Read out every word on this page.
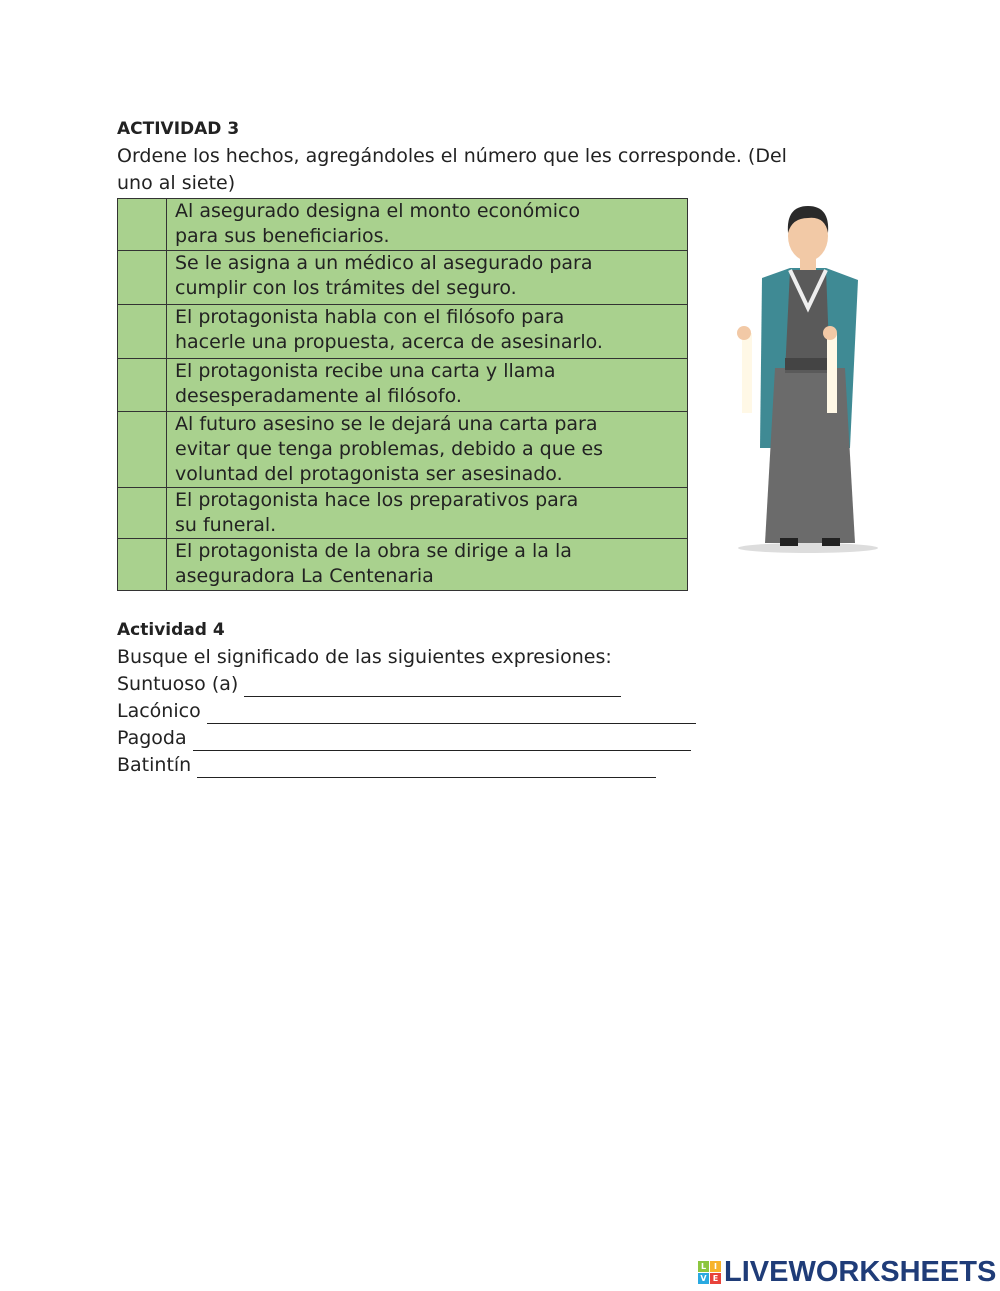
ACTIVIDAD 3
Ordene los hechos, agregándoles el número que les corresponde. (Del
uno al siete)

Al asegurado designa el monto económico
para sus beneficiarios.

Se le asigna a un médico al asegurado para
cumplir con los trámites del seguro.

El protagonista habla con el filósofo para
hacerle una propuesta, acerca de asesinarlo.

El protagonista recibe una carta y llama
desesperadamente al filósofo.

Al futuro asesino se le dejará una carta para
evitar que tenga problemas, debido a que es
voluntad del protagonista ser asesinado.

El protagonista hace los preparativos para
su funeral.

El protagonista de la obra se dirige a la la
aseguradora La Centenaria
Actividad 4
Busque el significado de las siguientes expresiones:
Suntuoso (a)
Lacónico
Pagoda
Batintín
L I
V E LIVEWORKSHEETS
